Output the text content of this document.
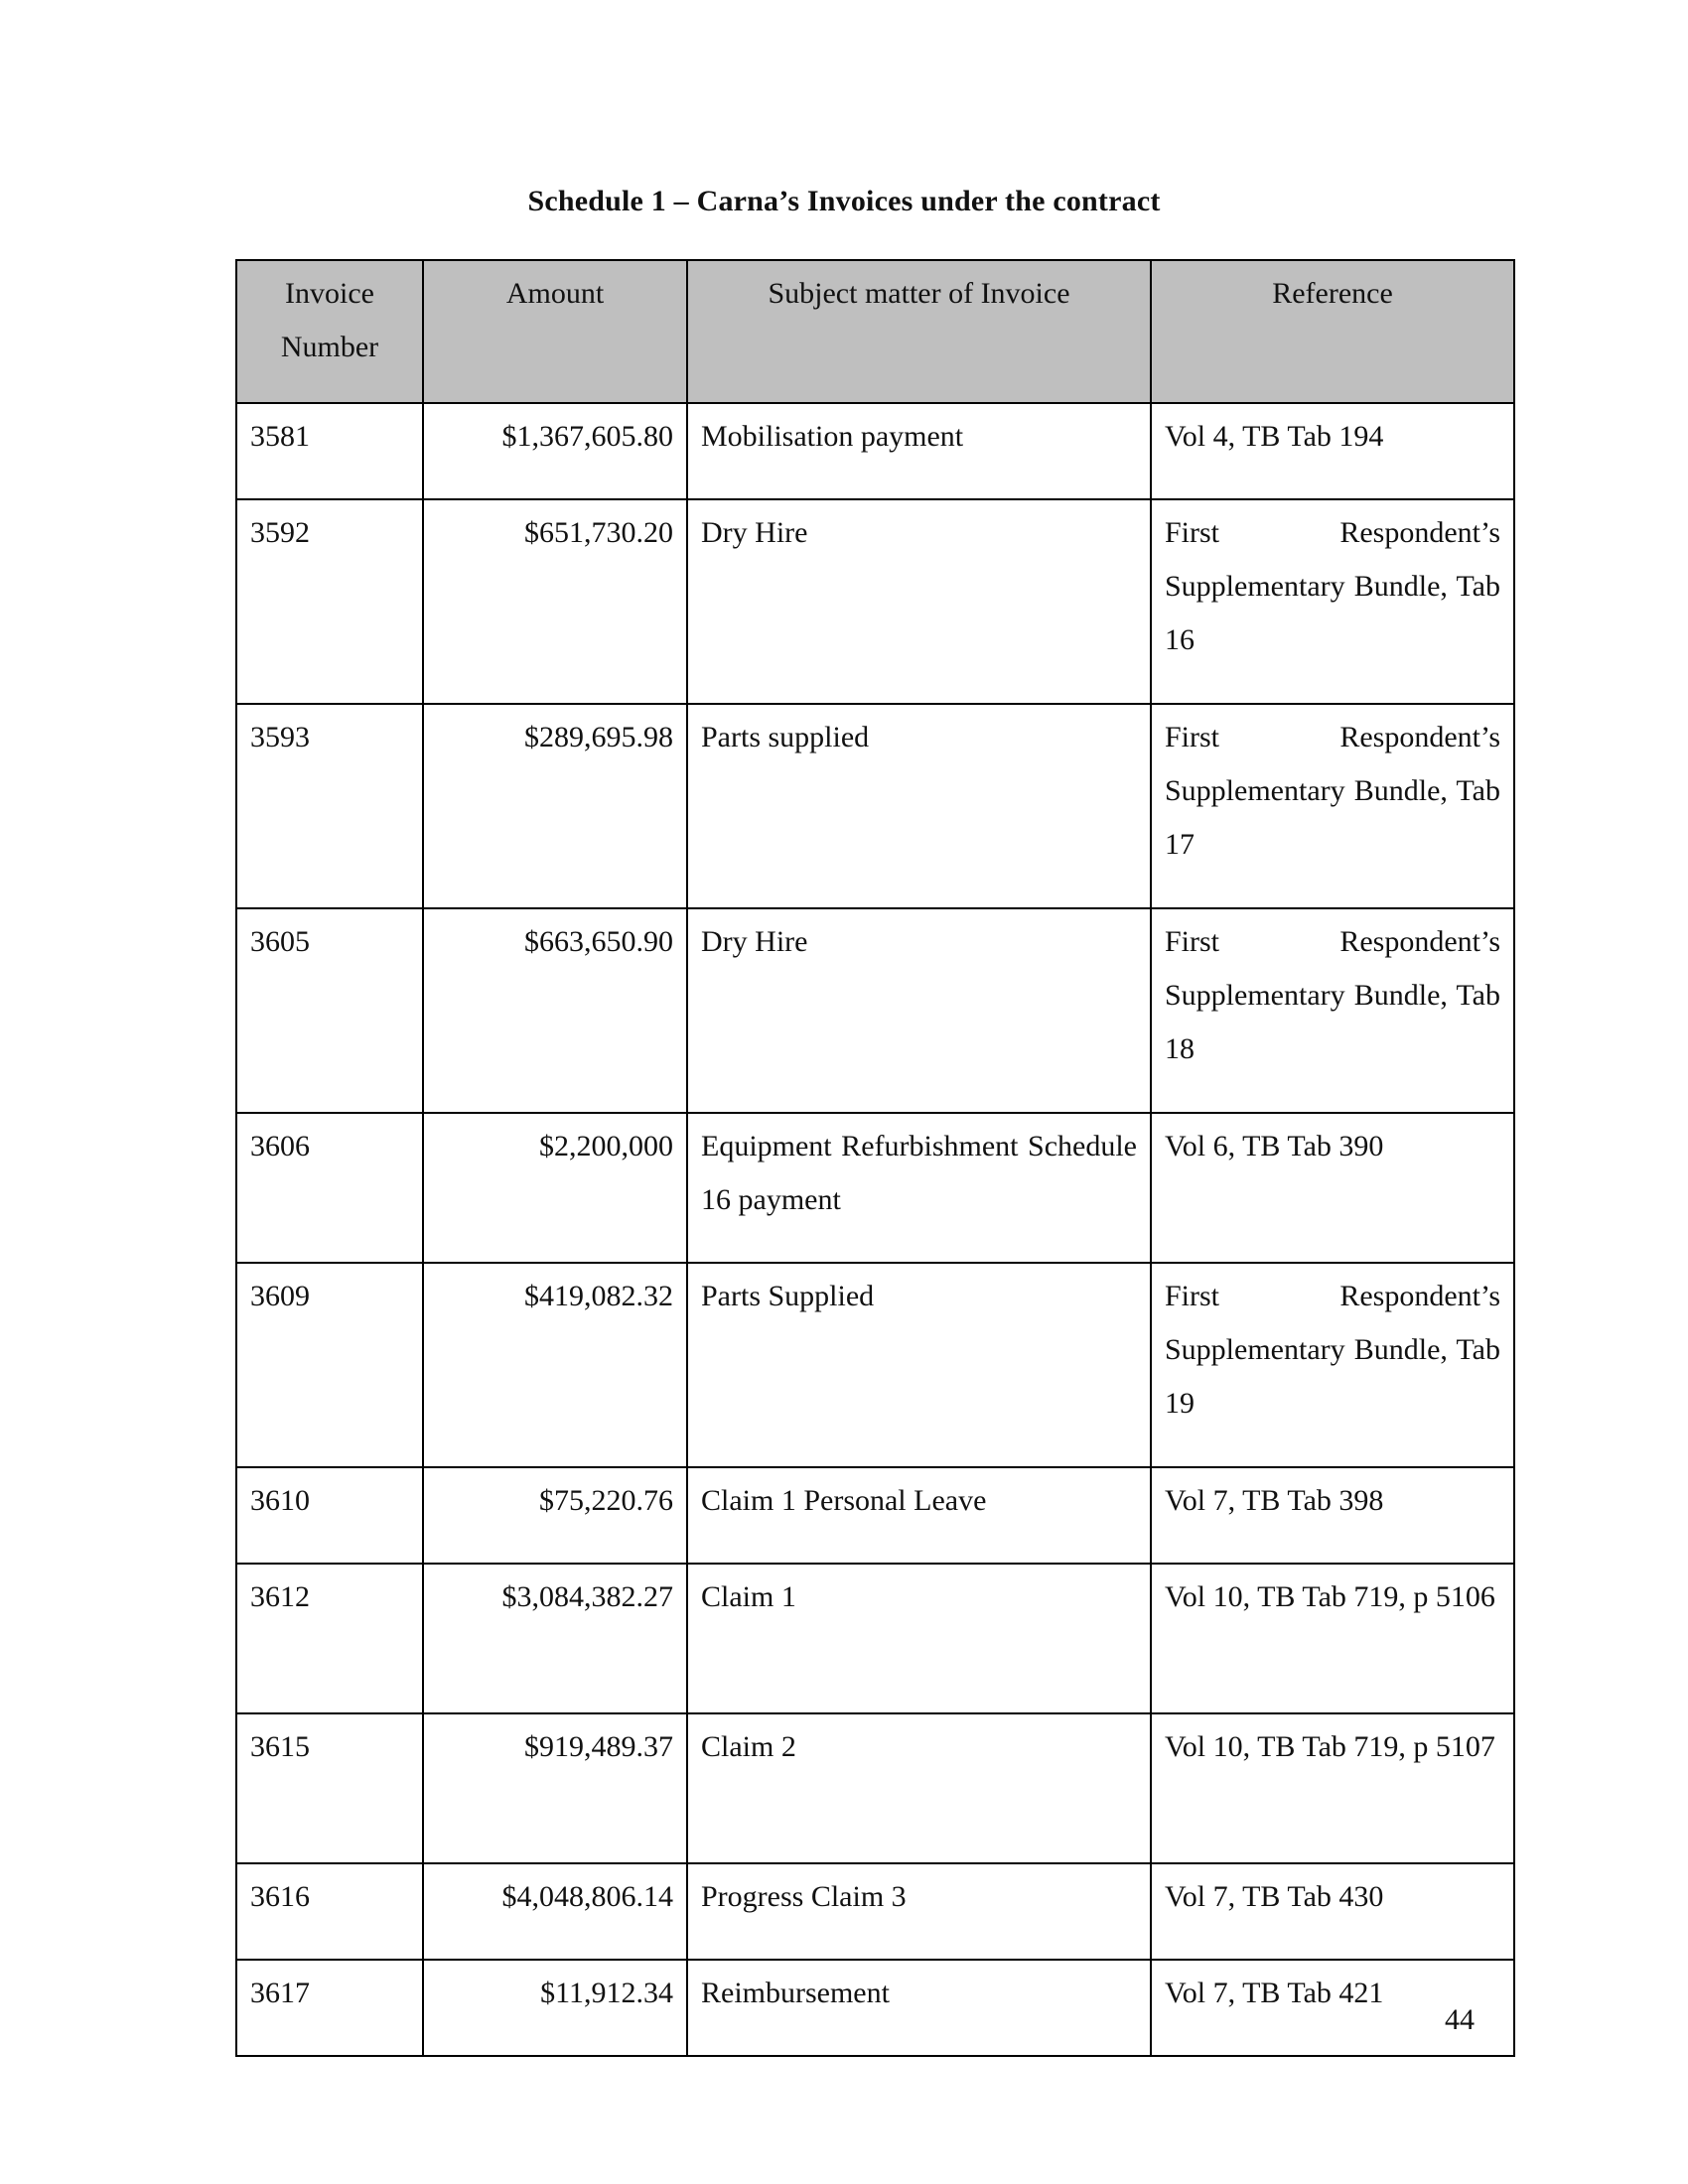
Schedule 1 – Carna’s Invoices under the contract
Invoice Number	Amount	Subject matter of Invoice	Reference
3581	$1,367,605.80	Mobilisation payment	Vol 4, TB Tab 194
3592	$651,730.20	Dry Hire	First Respondent’s Supplementary Bundle, Tab 16
3593	$289,695.98	Parts supplied	First Respondent’s Supplementary Bundle, Tab 17
3605	$663,650.90	Dry Hire	First Respondent’s Supplementary Bundle, Tab 18
3606	$2,200,000	Equipment Refurbishment Schedule 16 payment	Vol 6, TB Tab 390
3609	$419,082.32	Parts Supplied	First Respondent’s Supplementary Bundle, Tab 19
3610	$75,220.76	Claim 1 Personal Leave	Vol 7, TB Tab 398
3612	$3,084,382.27	Claim 1	Vol 10, TB Tab 719, p 5106
3615	$919,489.37	Claim 2	Vol 10, TB Tab 719, p 5107
3616	$4,048,806.14	Progress Claim 3	Vol 7, TB Tab 430
3617	$11,912.34	Reimbursement	Vol 7, TB Tab 421
44
